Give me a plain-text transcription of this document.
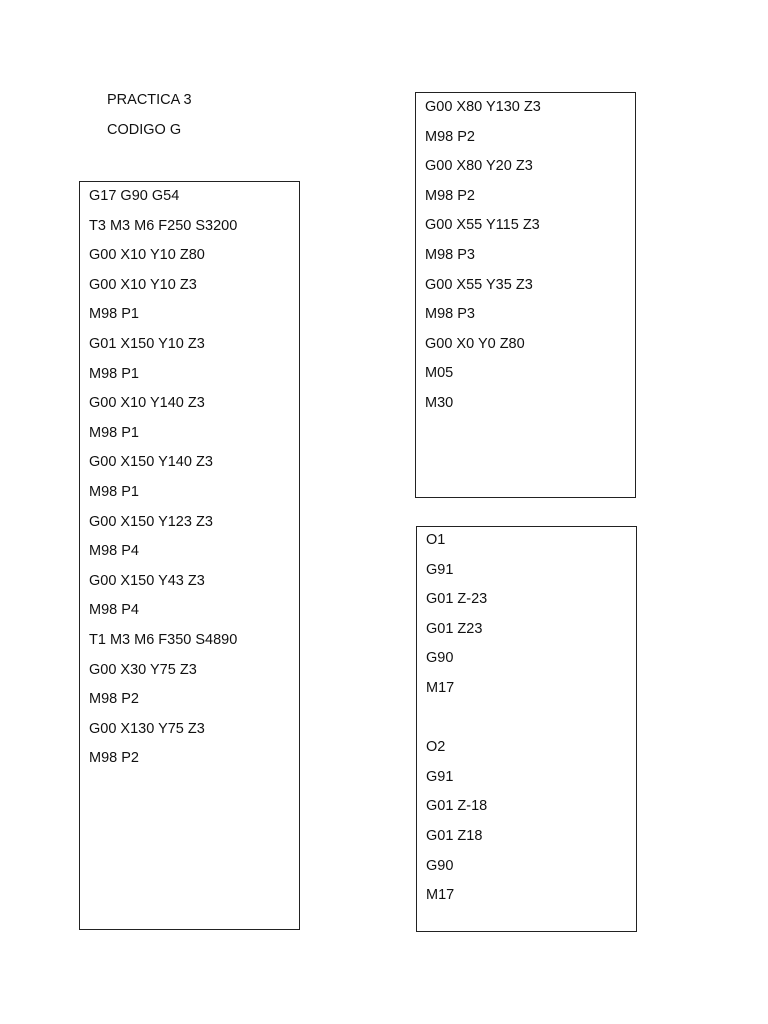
PRACTICA 3
CODIGO G
G17 G90 G54
T3 M3 M6 F250 S3200
G00 X10 Y10 Z80
G00 X10 Y10 Z3
M98 P1
G01 X150 Y10 Z3
M98 P1
G00 X10 Y140 Z3
M98 P1
G00 X150 Y140 Z3
M98 P1
G00 X150 Y123 Z3
M98 P4
G00 X150 Y43 Z3
M98 P4
T1 M3 M6 F350 S4890
G00 X30 Y75 Z3
M98 P2
G00 X130 Y75 Z3
M98 P2
G00 X80 Y130 Z3
M98 P2
G00 X80 Y20 Z3
M98 P2
G00 X55 Y115 Z3
M98 P3
G00 X55 Y35 Z3
M98 P3
G00 X0 Y0 Z80
M05
M30
O1
G91
G01 Z-23
G01 Z23
G90
M17
O2
G91
G01 Z-18
G01 Z18
G90
M17
